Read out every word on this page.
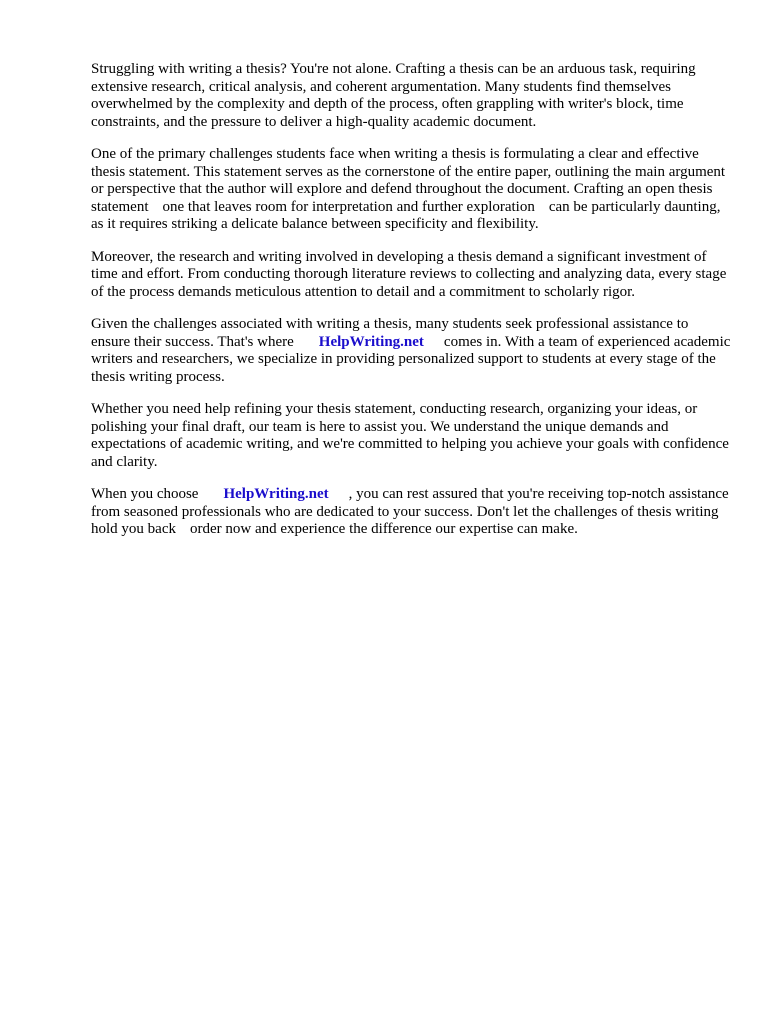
Struggling with writing a thesis? You're not alone. Crafting a thesis can be an arduous task, requiring extensive research, critical analysis, and coherent argumentation. Many students find themselves overwhelmed by the complexity and depth of the process, often grappling with writer's block, time constraints, and the pressure to deliver a high-quality academic document.

One of the primary challenges students face when writing a thesis is formulating a clear and effective thesis statement. This statement serves as the cornerstone of the entire paper, outlining the main argument or perspective that the author will explore and defend throughout the document. Crafting an open thesis statement one that leaves room for interpretation and further exploration can be particularly daunting, as it requires striking a delicate balance between specificity and flexibility.

Moreover, the research and writing involved in developing a thesis demand a significant investment of time and effort. From conducting thorough literature reviews to collecting and analyzing data, every stage of the process demands meticulous attention to detail and a commitment to scholarly rigor.

Given the challenges associated with writing a thesis, many students seek professional assistance to ensure their success. That's where HelpWriting.net comes in. With a team of experienced academic writers and researchers, we specialize in providing personalized support to students at every stage of the thesis writing process.

Whether you need help refining your thesis statement, conducting research, organizing your ideas, or polishing your final draft, our team is here to assist you. We understand the unique demands and expectations of academic writing, and we're committed to helping you achieve your goals with confidence and clarity.

When you choose HelpWriting.net , you can rest assured that you're receiving top-notch assistance from seasoned professionals who are dedicated to your success. Don't let the challenges of thesis writing hold you back order now and experience the difference our expertise can make.
